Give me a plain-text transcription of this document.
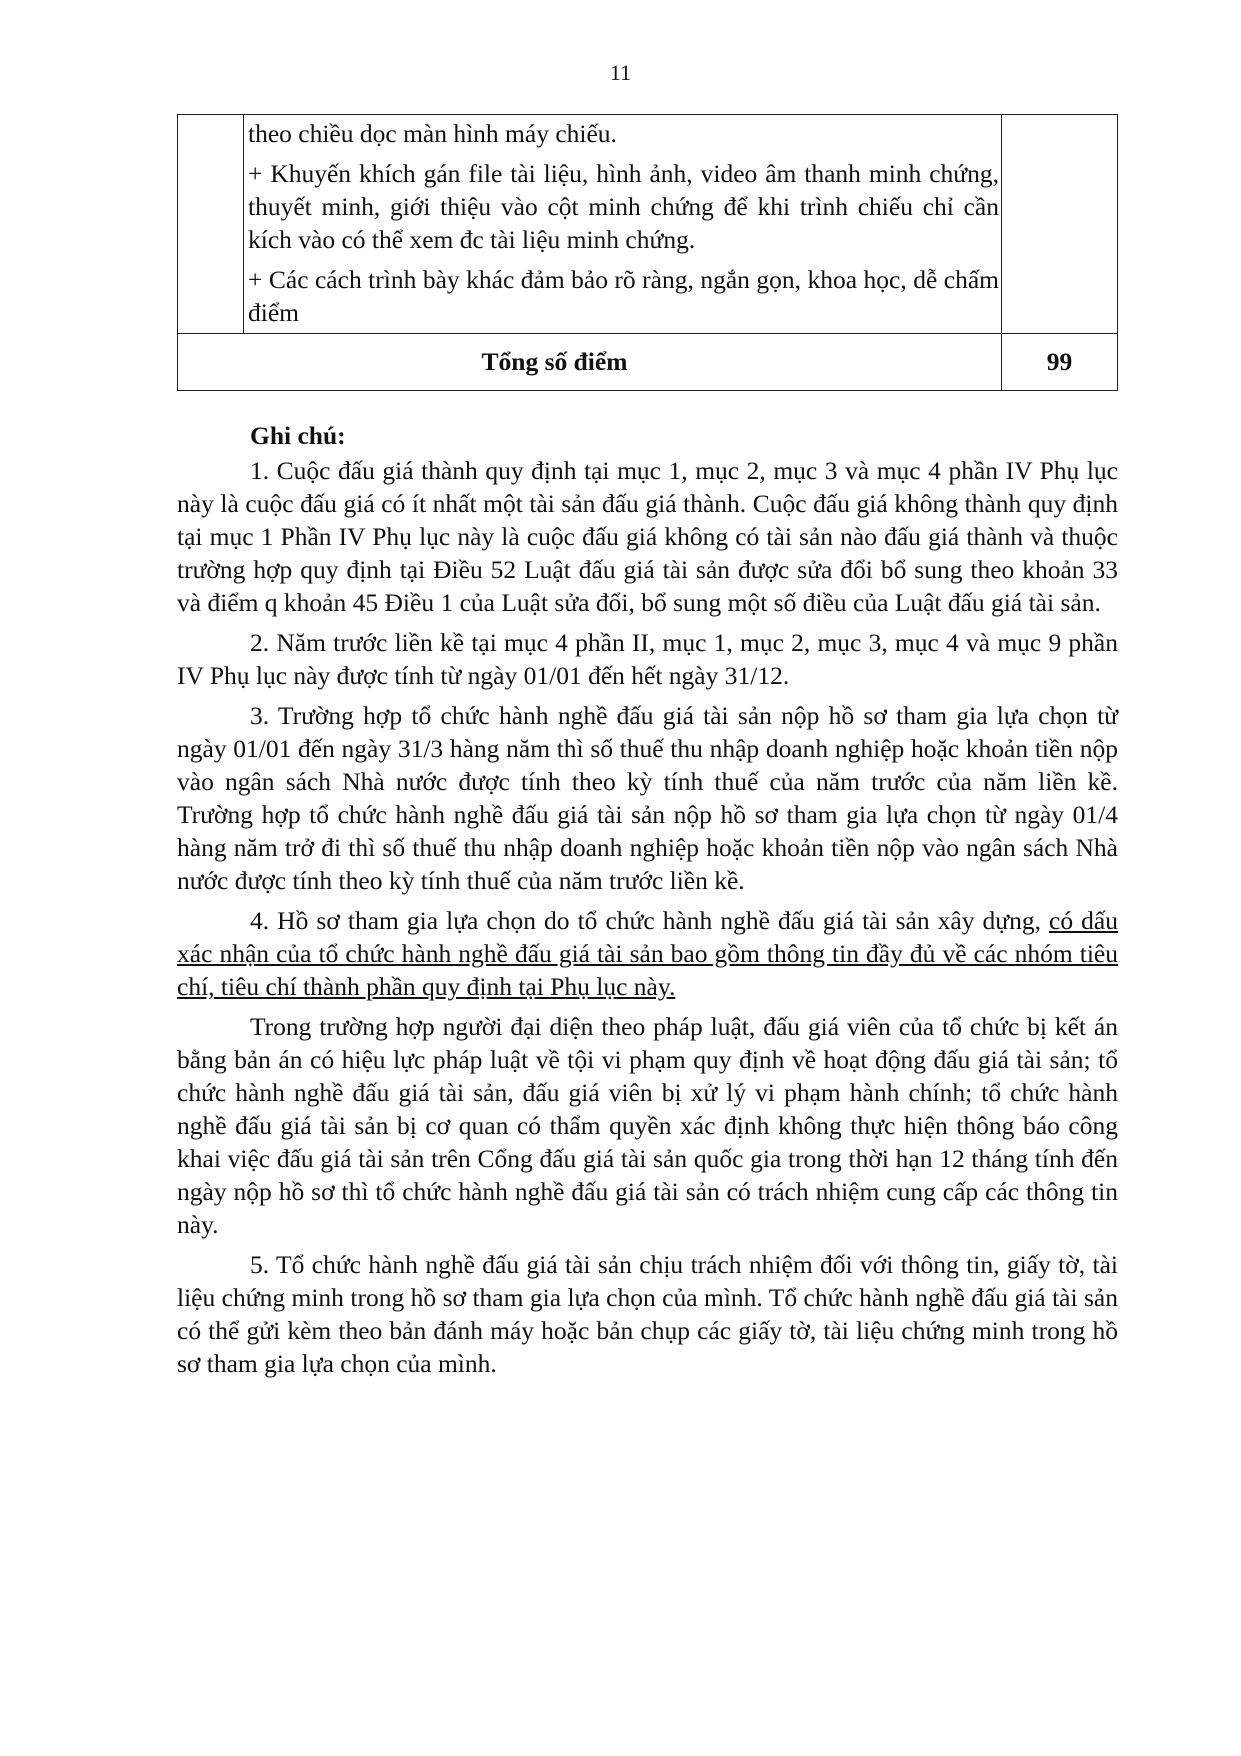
11

	theo chiều dọc màn hình máy chiếu.

+ Khuyến khích gán file tài liệu, hình ảnh, video âm thanh minh chứng, thuyết minh, giới thiệu vào cột minh chứng để khi trình chiếu chỉ cần kích vào có thể xem đc tài liệu minh chứng.

+ Các cách trình bày khác đảm bảo rõ ràng, ngắn gọn, khoa học, dễ chấm điểm	

Tổng số điểm		99
Ghi chú:

1. Cuộc đấu giá thành quy định tại mục 1, mục 2, mục 3 và mục 4 phần IV Phụ lục này là cuộc đấu giá có ít nhất một tài sản đấu giá thành. Cuộc đấu giá không thành quy định tại mục 1 Phần IV Phụ lục này là cuộc đấu giá không có tài sản nào đấu giá thành và thuộc trường hợp quy định tại Điều 52 Luật đấu giá tài sản được sửa đổi bổ sung theo khoản 33 và điểm q khoản 45 Điều 1 của Luật sửa đổi, bổ sung một số điều của Luật đấu giá tài sản.

2. Năm trước liền kề tại mục 4 phần II, mục 1, mục 2, mục 3, mục 4 và mục 9 phần IV Phụ lục này được tính từ ngày 01/01 đến hết ngày 31/12.

3. Trường hợp tổ chức hành nghề đấu giá tài sản nộp hồ sơ tham gia lựa chọn từ ngày 01/01 đến ngày 31/3 hàng năm thì số thuế thu nhập doanh nghiệp hoặc khoản tiền nộp vào ngân sách Nhà nước được tính theo kỳ tính thuế của năm trước của năm liền kề. Trường hợp tổ chức hành nghề đấu giá tài sản nộp hồ sơ tham gia lựa chọn từ ngày 01/4 hàng năm trở đi thì số thuế thu nhập doanh nghiệp hoặc khoản tiền nộp vào ngân sách Nhà nước được tính theo kỳ tính thuế của năm trước liền kề.

4. Hồ sơ tham gia lựa chọn do tổ chức hành nghề đấu giá tài sản xây dựng, có dấu xác nhận của tổ chức hành nghề đấu giá tài sản bao gồm thông tin đầy đủ về các nhóm tiêu chí, tiêu chí thành phần quy định tại Phụ lục này.

Trong trường hợp người đại diện theo pháp luật, đấu giá viên của tổ chức bị kết án bằng bản án có hiệu lực pháp luật về tội vi phạm quy định về hoạt động đấu giá tài sản; tổ chức hành nghề đấu giá tài sản, đấu giá viên bị xử lý vi phạm hành chính; tổ chức hành nghề đấu giá tài sản bị cơ quan có thẩm quyền xác định không thực hiện thông báo công khai việc đấu giá tài sản trên Cổng đấu giá tài sản quốc gia trong thời hạn 12 tháng tính đến ngày nộp hồ sơ thì tổ chức hành nghề đấu giá tài sản có trách nhiệm cung cấp các thông tin này.

5. Tổ chức hành nghề đấu giá tài sản chịu trách nhiệm đối với thông tin, giấy tờ, tài liệu chứng minh trong hồ sơ tham gia lựa chọn của mình. Tổ chức hành nghề đấu giá tài sản có thể gửi kèm theo bản đánh máy hoặc bản chụp các giấy tờ, tài liệu chứng minh trong hồ sơ tham gia lựa chọn của mình.
